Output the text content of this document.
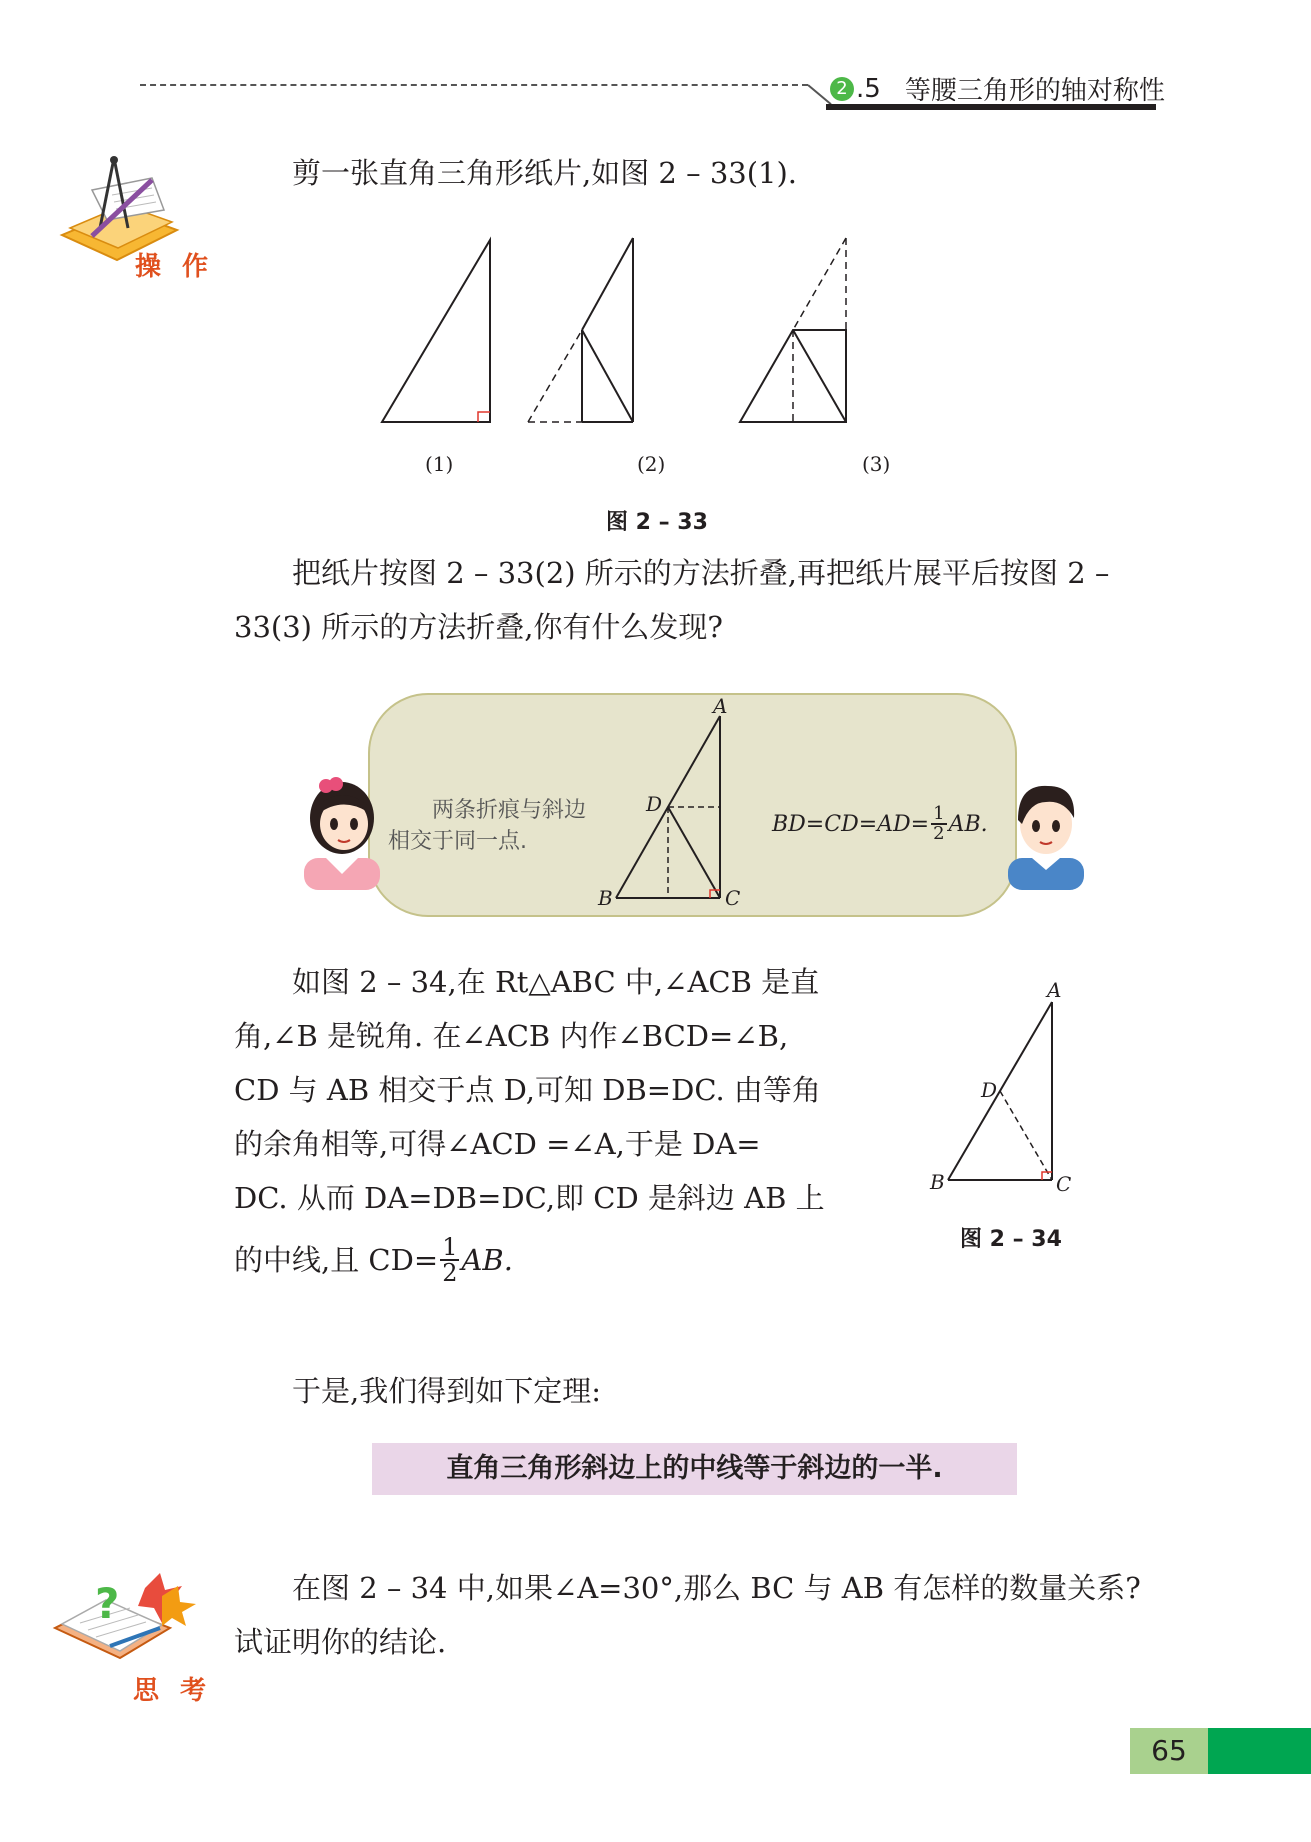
2 .5 等腰三角形的轴对称性
操 作
剪一张直角三角形纸片,如图 2 – 33(1).
(1)	(2)	(3)
图 2 – 33
把纸片按图 2 – 33(2) 所示的方法折叠,再把纸片展平后按图 2 –
33(3) 所示的方法折叠,你有什么发现?
A
D
B	C
两条折痕与斜边
相交于同一点.
$BD=CD=AD= \frac{1}{2}$ AB.
如图 2 – 34,在 Rt△ABC 中,∠ACB 是直
角,∠B 是锐角. 在∠ACB 内作∠BCD=∠B,
CD 与 AB 相交于点 D,可知 DB=DC. 由等角
的余角相等,可得∠ACD =∠A,于是 DA=
DC. 从而 DA=DB=DC,即 CD 是斜边 AB 上
的中线,且 $CD= \frac{1}{2}$ AB.
A
D
B	C
图 2 – 34
于是,我们得到如下定理:
直角三角形斜边上的中线等于斜边的一半.
?
思 考
在图 2 – 34 中,如果∠A=30°,那么 BC 与 AB 有怎样的数量关系?
试证明你的结论.
65
